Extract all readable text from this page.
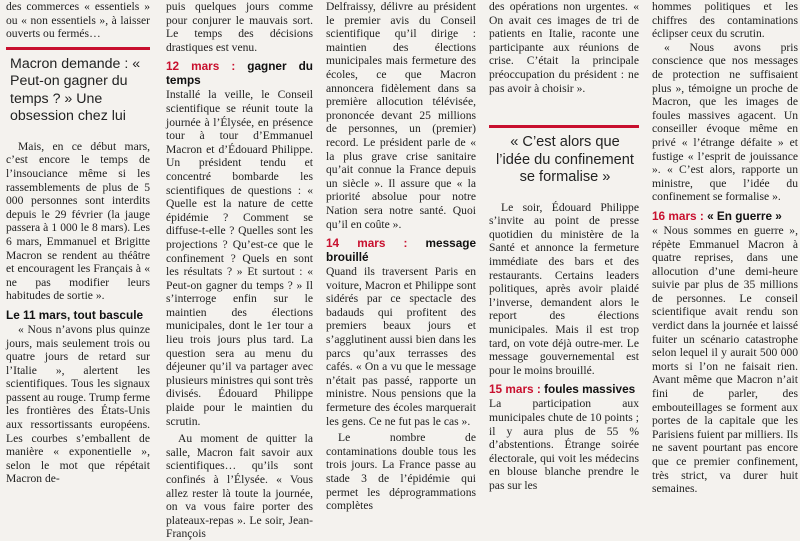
des commerces « essentiels » ou « non essentiels », à laisser ouverts ou fermés…

Macron demande : « Peut-on gagner du temps ? » Une obsession chez lui

Mais, en ce début mars, c’est encore le temps de l’insouciance même si les rassemblements de plus de 5 000 personnes sont interdits depuis le 29 février (la jauge passera à 1 000 le 8 mars). Les 6 mars, Emmanuel et Brigitte Macron se rendent au théâtre et encouragent les Français à « ne pas modifier leurs habitudes de sortie ».

Le 11 mars, tout bascule

« Nous n’avons plus quinze jours, mais seulement trois ou quatre jours de retard sur l’Italie », alertent les scientifiques. Tous les signaux passent au rouge. Trump ferme les frontières des États-Unis aux ressortissants européens. Les courbes s’emballent de manière « exponentielle », selon le mot que répétait Macron de-

puis quelques jours comme pour conjurer le mauvais sort. Le temps des décisions drastiques est venu.

12 mars : gagner du temps

Installé la veille, le Conseil scientifique se réunit toute la journée à l’Élysée, en présence tour à tour d’Emmanuel Macron et d’Édouard Philippe. Un président tendu et concentré bombarde les scientifiques de questions : « Quelle est la nature de cette épidémie ? Comment se diffuse-t-elle ? Quelles sont les projections ? Qu’est-ce que le confinement ? Quels en sont les résultats ? » Et surtout : « Peut-on gagner du temps ? » Il s’interroge enfin sur le maintien des élections municipales, dont le 1er tour a lieu trois jours plus tard. La question sera au menu du déjeuner qu’il va partager avec plusieurs ministres qui sont très divisés. Édouard Philippe plaide pour le maintien du scrutin.

Au moment de quitter la salle, Macron fait savoir aux scientifiques… qu’ils sont confinés à l’Élysée. « Vous allez rester là toute la journée, on va vous faire porter des plateaux-repas ». Le soir, Jean-François

Delfraissy, délivre au président le premier avis du Conseil scientifique qu’il dirige : maintien des élections municipales mais fermeture des écoles, ce que Macron annoncera fidèlement dans sa première allocution télévisée, prononcée devant 25 millions de personnes, un (premier) record. Le président parle de « la plus grave crise sanitaire qu’ait connue la France depuis un siècle ». Il assure que « la priorité absolue pour notre Nation sera notre santé. Quoi qu’il en coûte ».

14 mars : message brouillé

Quand ils traversent Paris en voiture, Macron et Philippe sont sidérés par ce spectacle des badauds qui profitent des premiers beaux jours et s’agglutinent aussi bien dans les parcs qu’aux terrasses des cafés. « On a vu que le message n’était pas passé, rapporte un ministre. Nous pensions que la fermeture des écoles marquerait les gens. Ce ne fut pas le cas ».

Le nombre de contaminations double tous les trois jours. La France passe au stade 3 de l’épidémie qui permet les déprogrammations complètes

des opérations non urgentes. « On avait ces images de tri de patients en Italie, raconte une participante aux réunions de crise. C’était la principale préoccupation du président : ne pas avoir à choisir ».

« C’est alors que l’idée du confinement se formalise »

Le soir, Édouard Philippe s’invite au point de presse quotidien du ministère de la Santé et annonce la fermeture immédiate des bars et des restaurants. Certains leaders politiques, après avoir plaidé l’inverse, demandent alors le report des élections municipales. Mais il est trop tard, on vote déjà outre-mer. Le message gouvernemental est pour le moins brouillé.

15 mars : foules massives

La participation aux municipales chute de 10 points ; il y aura plus de 55 % d’abstentions. Étrange soirée électorale, qui voit les médecins en blouse blanche prendre le pas sur les

hommes politiques et les chiffres des contaminations éclipser ceux du scrutin.

« Nous avons pris conscience que nos messages de protection ne suffisaient plus », témoigne un proche de Macron, que les images de foules massives agacent. Un conseiller évoque même en privé « l’étrange défaite » et fustige « l’esprit de jouissance ». « C’est alors, rapporte un ministre, que l’idée du confinement se formalise ».

16 mars : « En guerre »

« Nous sommes en guerre », répète Emmanuel Macron à quatre reprises, dans une allocution d’une demi-heure suivie par plus de 35 millions de personnes. Le conseil scientifique avait rendu son verdict dans la journée et laissé fuiter un scénario catastrophe selon lequel il y aurait 500 000 morts si l’on ne faisait rien. Avant même que Macron n’ait fini de parler, des embouteillages se forment aux portes de la capitale que les Parisiens fuient par milliers. Ils ne savent pourtant pas encore que ce premier confinement, très strict, va durer huit semaines.
